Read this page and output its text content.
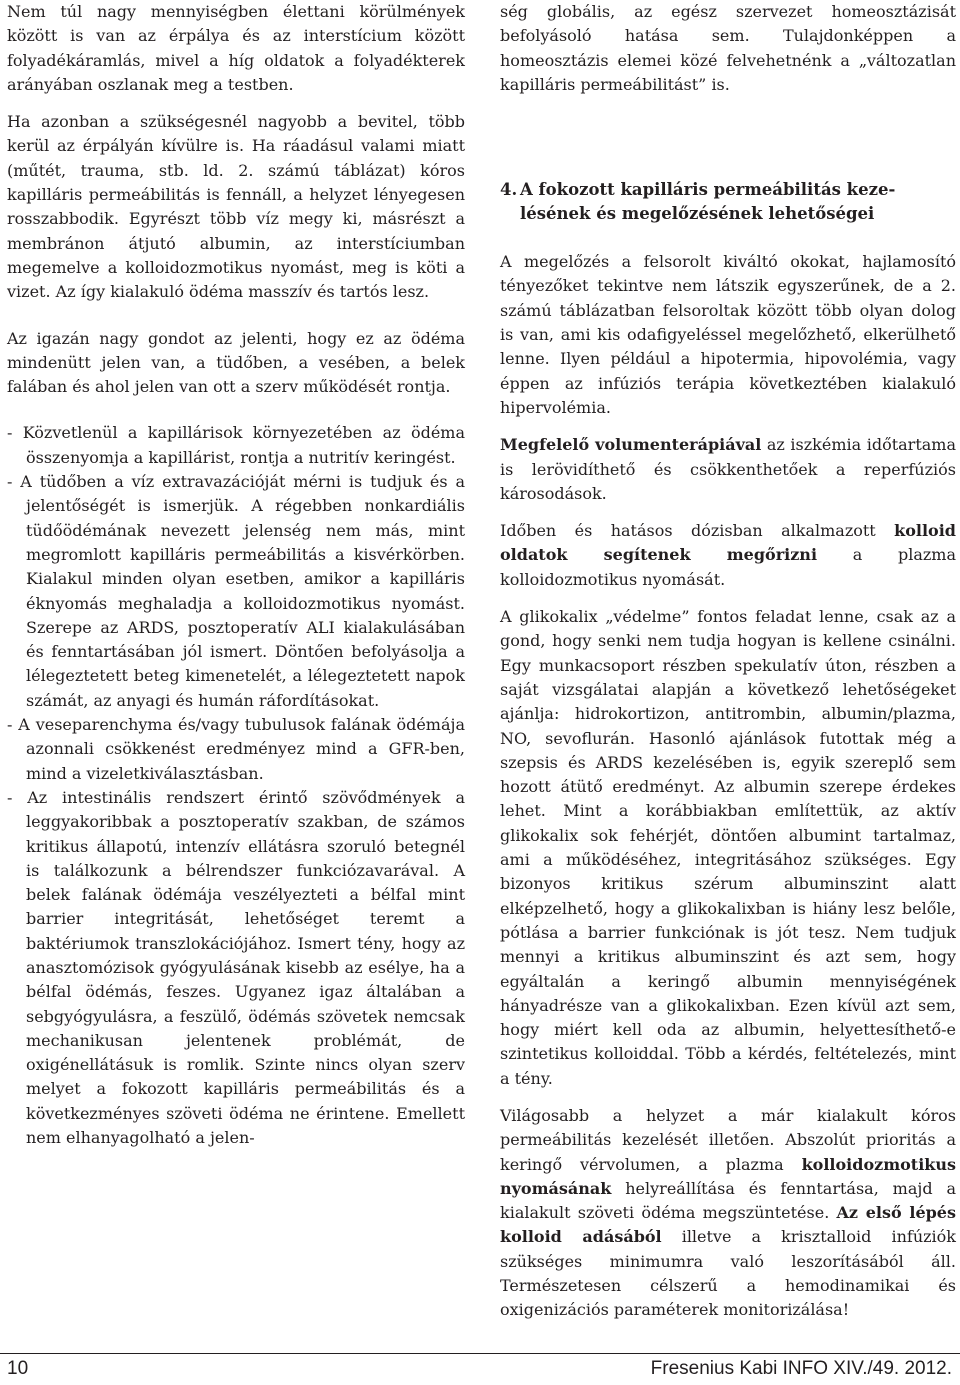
Nem túl nagy mennyiségben élettani körülmények között is van az érpálya és az interstícium között folyadékáramlás, mivel a híg oldatok a folyadékterek arányában oszlanak meg a testben.

Ha azonban a szükségesnél nagyobb a bevitel, több kerül az érpályán kívülre is. Ha ráadásul valami miatt (műtét, trauma, stb. ld. 2. számú táblázat) kóros kapilláris permeábilitás is fennáll, a helyzet lényegesen rosszabbodik. Egyrészt több víz megy ki, másrészt a membránon átjutó albumin, az interstíciumban megemelve a kolloidozmotikus nyomást, meg is köti a vizet. Az így kialakuló ödéma masszív és tartós lesz.

Az igazán nagy gondot az jelenti, hogy ez az ödéma mindenütt jelen van, a tüdőben, a vesében, a belek falában és ahol jelen van ott a szerv működését rontja.

- Közvetlenül a kapillárisok környezetében az ödéma összenyomja a kapillárist, rontja a nutritív keringést.
- A tüdőben a víz extravazációját mérni is tudjuk és a jelentőségét is ismerjük. A régebben nonkardiális tüdőödémának nevezett jelenség nem más, mint megromlott kapilláris permeábilitás a kisvérkörben. Kialakul minden olyan esetben, amikor a kapilláris éknyomás meghaladja a kolloidozmotikus nyomást. Szerepe az ARDS, posztoperatív ALI kialakulásában és fenntartásában jól ismert. Döntően befolyásolja a lélegeztetett beteg kimenetelét, a lélegeztetett napok számát, az anyagi és humán ráfordításokat.
- A veseparenchyma és/vagy tubulusok falának ödémája azonnali csökkenést eredményez mind a GFR-ben, mind a vizeletkiválasztásban.
- Az intestinális rendszert érintő szövődmények a leggyakoribbak a posztoperatív szakban, de számos kritikus állapotú, intenzív ellátásra szoruló betegnél is találkozunk a bélrendszer funkciózavarával. A belek falának ödémája veszélyezteti a bélfal mint barrier integritását, lehetőséget teremt a baktériumok transzlokációjához. Ismert tény, hogy az anasztomózisok gyógyulásának kisebb az esélye, ha a bélfal ödémás, feszes. Ugyanez igaz általában a sebgyógyulásra, a feszülő, ödémás szövetek nemcsak mechanikusan jelentenek problémát, de oxigénellátásuk is romlik. Szinte nincs olyan szerv melyet a fokozott kapilláris permeábilitás és a következményes szöveti ödéma ne érintene. Emellett nem elhanyagolható a jelen-

ség globális, az egész szervezet homeosztázisát befolyásoló hatása sem. Tulajdonképpen a homeosztázis elemei közé felvehetnénk a „változatlan kapilláris permeábilitást” is.

4. A fokozott kapilláris permeábilitás keze-
lésének és megelőzésének lehetőségei

A megelőzés a felsorolt kiváltó okokat, hajlamosító tényezőket tekintve nem látszik egyszerűnek, de a 2. számú táblázatban felsoroltak között több olyan dolog is van, ami kis odafigyeléssel megelőzhető, elkerülhető lenne. Ilyen például a hipotermia, hipovolémia, vagy éppen az infúziós terápia következtében kialakuló hipervolémia.

Megfelelő volumenterápiával az iszkémia időtartama is lerövidíthető és csökkenthetőek a reperfúziós károsodások.

Időben és hatásos dózisban alkalmazott kolloid oldatok segítenek megőrizni a plazma kolloidozmotikus nyomását.

A glikokalix „védelme” fontos feladat lenne, csak az a gond, hogy senki nem tudja hogyan is kellene csinálni. Egy munkacsoport részben spekulatív úton, részben a saját vizsgálatai alapján a következő lehetőségeket ajánlja: hidrokortizon, antitrombin, albumin/plazma, NO, sevoflurán. Hasonló ajánlások futottak még a szepsis és ARDS kezelésében is, egyik szereplő sem hozott átütő eredményt. Az albumin szerepe érdekes lehet. Mint a korábbiakban említettük, az aktív glikokalix sok fehérjét, döntően albumint tartalmaz, ami a működéséhez, integritásához szükséges. Egy bizonyos kritikus szérum albuminszint alatt elképzelhető, hogy a glikokalixban is hiány lesz belőle, pótlása a barrier funkciónak is jót tesz. Nem tudjuk mennyi a kritikus albuminszint és azt sem, hogy egyáltalán a keringő albumin mennyiségének hányadrésze van a glikokalixban. Ezen kívül azt sem, hogy miért kell oda az albumin, helyettesíthető-e szintetikus kolloiddal. Több a kérdés, feltételezés, mint a tény.

Világosabb a helyzet a már kialakult kóros permeábilitás kezelését illetően. Abszolút prioritás a keringő vérvolumen, a plazma kolloidozmotikus nyomásának helyreállítása és fenntartása, majd a kialakult szöveti ödéma megszüntetése. Az első lépés kolloid adásából illetve a krisztalloid infúziók szükséges minimumra való leszorításából áll. Természetesen célszerű a hemodinamikai és oxigenizációs paraméterek monitorizálása!

10	Fresenius Kabi INFO XIV./49. 2012.
